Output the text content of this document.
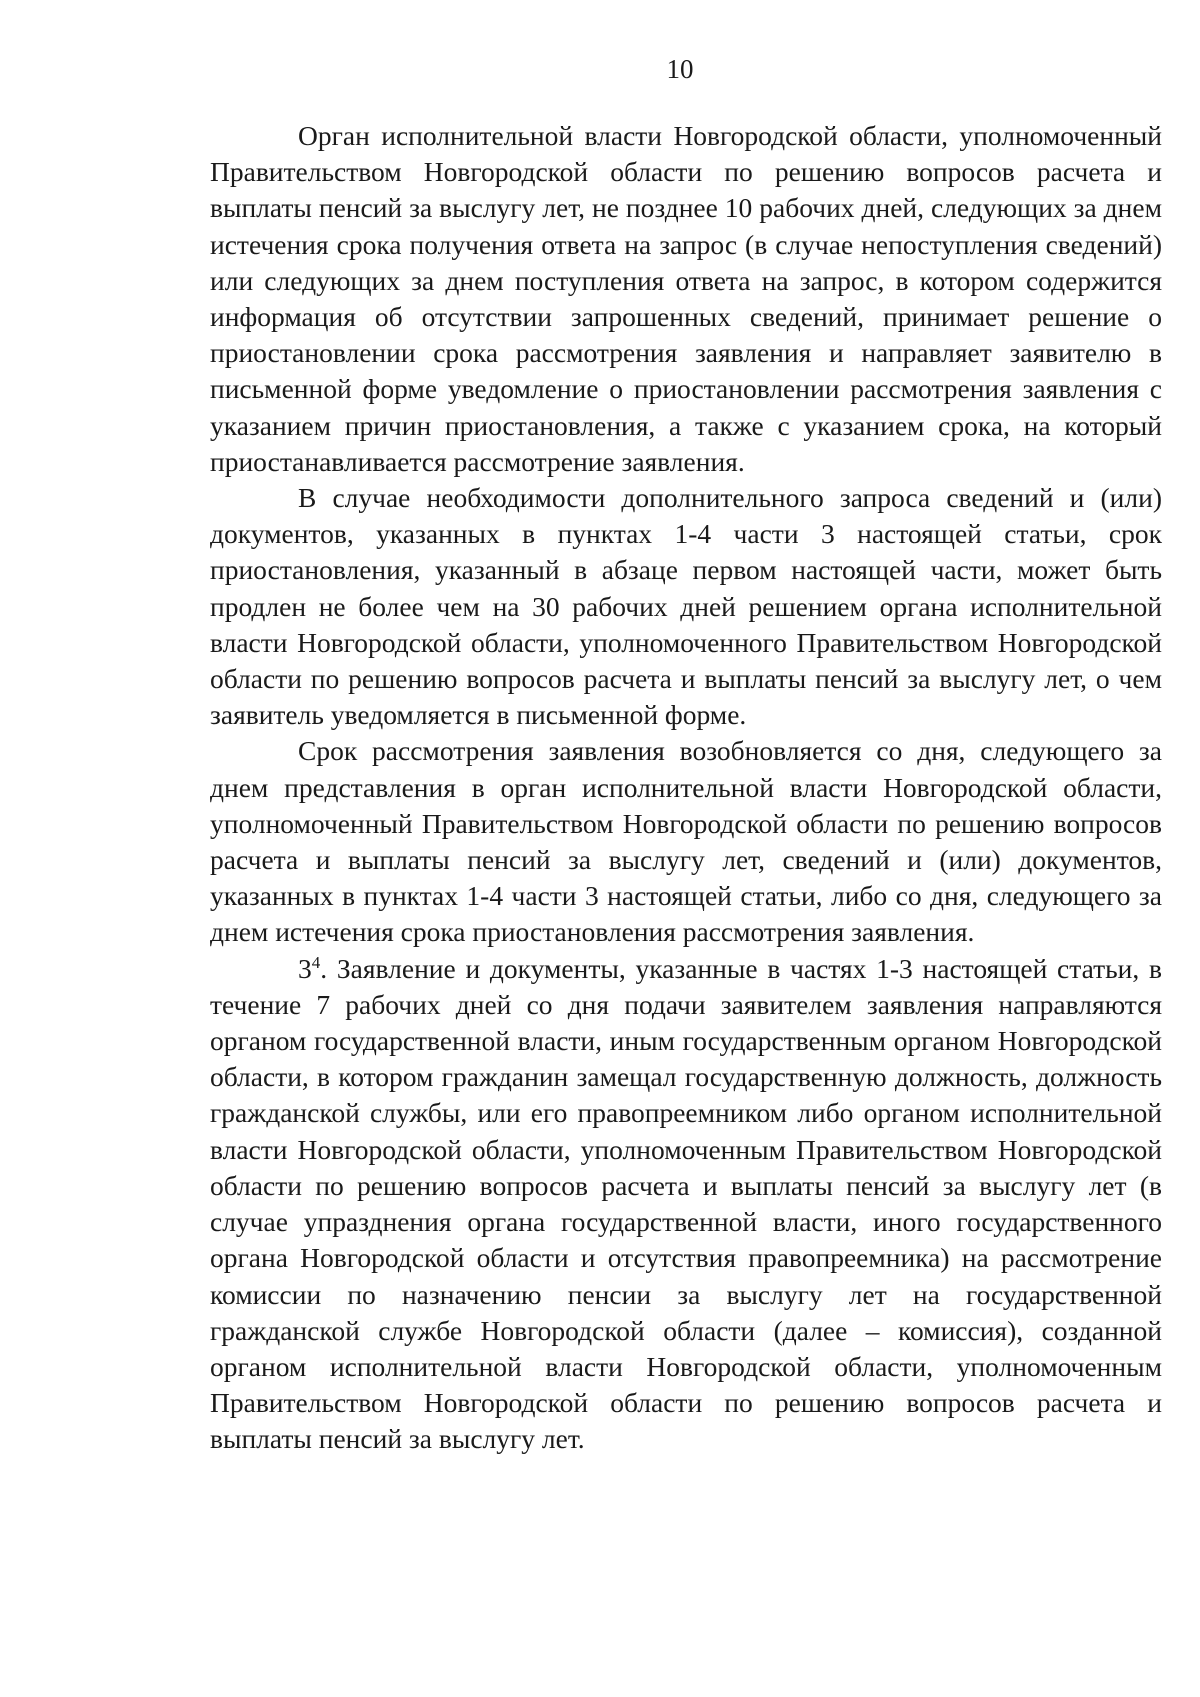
10

Орган исполнительной власти Новгородской области, уполномоченный Правительством Новгородской области по решению вопросов расчета и выплаты пенсий за выслугу лет, не позднее 10 рабочих дней, следующих за днем истечения срока получения ответа на запрос (в случае непоступления сведений) или следующих за днем поступления ответа на запрос, в котором содержится информация об отсутствии запрошенных сведений, принимает решение о приостановлении срока рассмотрения заявления и направляет заявителю в письменной форме уведомление о приостановлении рассмотрения заявления с указанием причин приостановления, а также с указанием срока, на который приостанавливается рассмотрение заявления.

В случае необходимости дополнительного запроса сведений и (или) документов, указанных в пунктах 1-4 части 3 настоящей статьи, срок приостановления, указанный в абзаце первом настоящей части, может быть продлен не более чем на 30 рабочих дней решением органа исполнительной власти Новгородской области, уполномоченного Правительством Новгородской области по решению вопросов расчета и выплаты пенсий за выслугу лет, о чем заявитель уведомляется в письменной форме.

Срок рассмотрения заявления возобновляется со дня, следующего за днем представления в орган исполнительной власти Новгородской области, уполномоченный Правительством Новгородской области по решению вопросов расчета и выплаты пенсий за выслугу лет, сведений и (или) документов, указанных в пунктах 1-4 части 3 настоящей статьи, либо со дня, следующего за днем истечения срока приостановления рассмотрения заявления.

$3^4$. Заявление и документы, указанные в частях 1-3 настоящей статьи, в течение 7 рабочих дней со дня подачи заявителем заявления направляются органом государственной власти, иным государственным органом Новгородской области, в котором гражданин замещал государственную должность, должность гражданской службы, или его правопреемником либо органом исполнительной власти Новгородской области, уполномоченным Правительством Новгородской области по решению вопросов расчета и выплаты пенсий за выслугу лет (в случае упразднения органа государственной власти, иного государственного органа Новгородской области и отсутствия правопреемника) на рассмотрение комиссии по назначению пенсии за выслугу лет на государственной гражданской службе Новгородской области (далее – комиссия), созданной органом исполнительной власти Новгородской области, уполномоченным Правительством Новгородской области по решению вопросов расчета и выплаты пенсий за выслугу лет.
